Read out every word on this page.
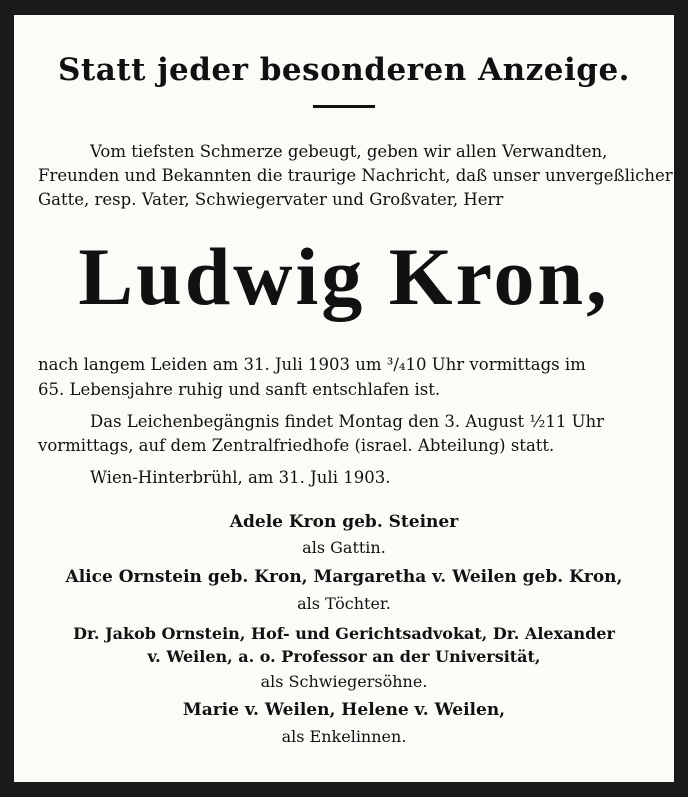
Statt jeder besonderen Anzeige.
Vom tiefsten Schmerze gebeugt, geben wir allen Verwandten,
Freunden und Bekannten die traurige Nachricht, daß unser unvergeßlicher
Gatte, resp. Vater, Schwiegervater und Großvater, Herr
Ludwig Kron,
nach langem Leiden am 31. Juli 1903 um ³/₄10 Uhr vormittags im
65. Lebensjahre ruhig und sanft entschlafen ist.
Das Leichenbegängnis findet Montag den 3. August ½11 Uhr
vormittags, auf dem Zentralfriedhofe (israel. Abteilung) statt.
Wien-Hinterbrühl, am 31. Juli 1903.
Adele Kron geb. Steiner
als Gattin.
Alice Ornstein geb. Kron, Margaretha v. Weilen geb. Kron,
als Töchter.
Dr. Jakob Ornstein, Hof- und Gerichtsadvokat, Dr. Alexander
v. Weilen, a. o. Professor an der Universität,
als Schwiegersöhne.
Marie v. Weilen, Helene v. Weilen,
als Enkelinnen.
